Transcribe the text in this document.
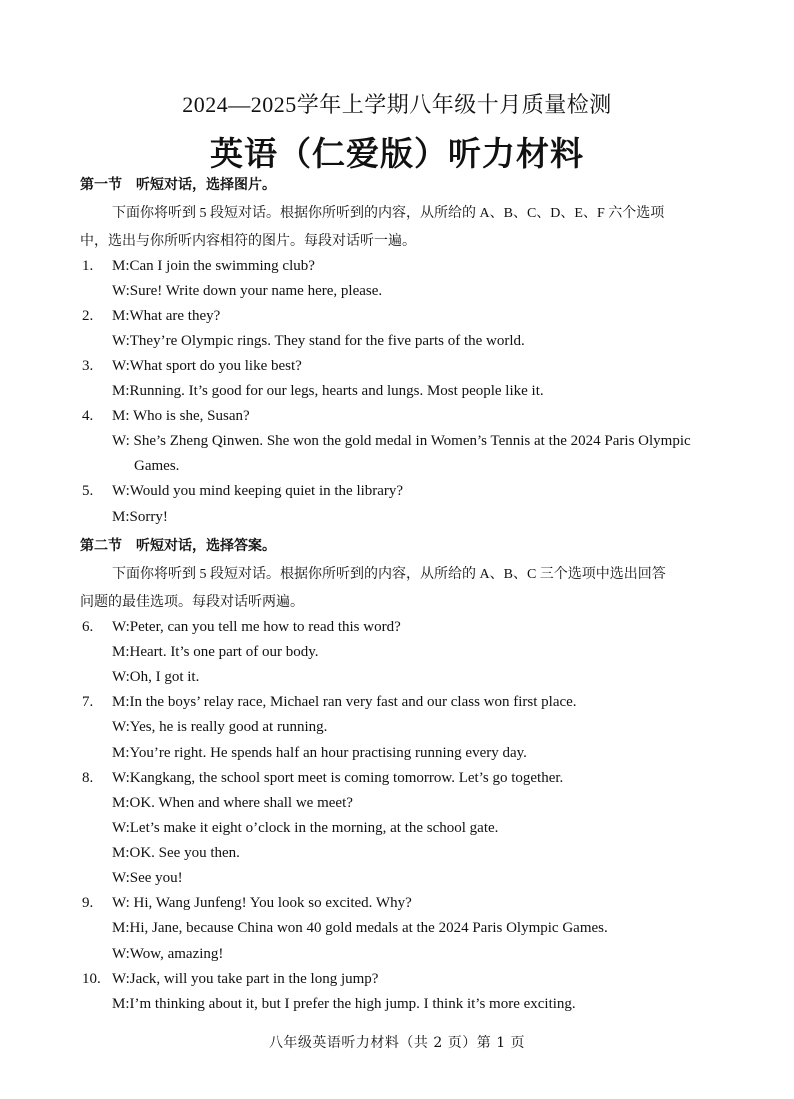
2024—2025学年上学期八年级十月质量检测
英语（仁爱版）听力材料
第一节　听短对话，选择图片。
下面你将听到 5 段短对话。根据你所听到的内容，从所给的 A、B、C、D、E、F 六个选项
中，选出与你所听内容相符的图片。每段对话听一遍。
1. M:Can I join the swimming club?
W:Sure! Write down your name here, please.
2. M:What are they?
W:They’re Olympic rings. They stand for the five parts of the world.
3. W:What sport do you like best?
M:Running. It’s good for our legs, hearts and lungs. Most people like it.
4. M: Who is she, Susan?
W: She’s Zheng Qinwen. She won the gold medal in Women’s Tennis at the 2024 Paris Olympic
Games.
5. W:Would you mind keeping quiet in the library?
M:Sorry!
第二节　听短对话，选择答案。
下面你将听到 5 段短对话。根据你所听到的内容，从所给的 A、B、C 三个选项中选出回答
问题的最佳选项。每段对话听两遍。
6. W:Peter, can you tell me how to read this word?
M:Heart. It’s one part of our body.
W:Oh, I got it.
7. M:In the boys’ relay race, Michael ran very fast and our class won first place.
W:Yes, he is really good at running.
M:You’re right. He spends half an hour practising running every day.
8. W:Kangkang, the school sport meet is coming tomorrow. Let’s go together.
M:OK. When and where shall we meet?
W:Let’s make it eight o’clock in the morning, at the school gate.
M:OK. See you then.
W:See you!
9. W: Hi, Wang Junfeng! You look so excited. Why?
M:Hi, Jane, because China won 40 gold medals at the 2024 Paris Olympic Games.
W:Wow, amazing!
10. W:Jack, will you take part in the long jump?
M:I’m thinking about it, but I prefer the high jump. I think it’s more exciting.
八年级英语听力材料（共 2 页）第 1 页
